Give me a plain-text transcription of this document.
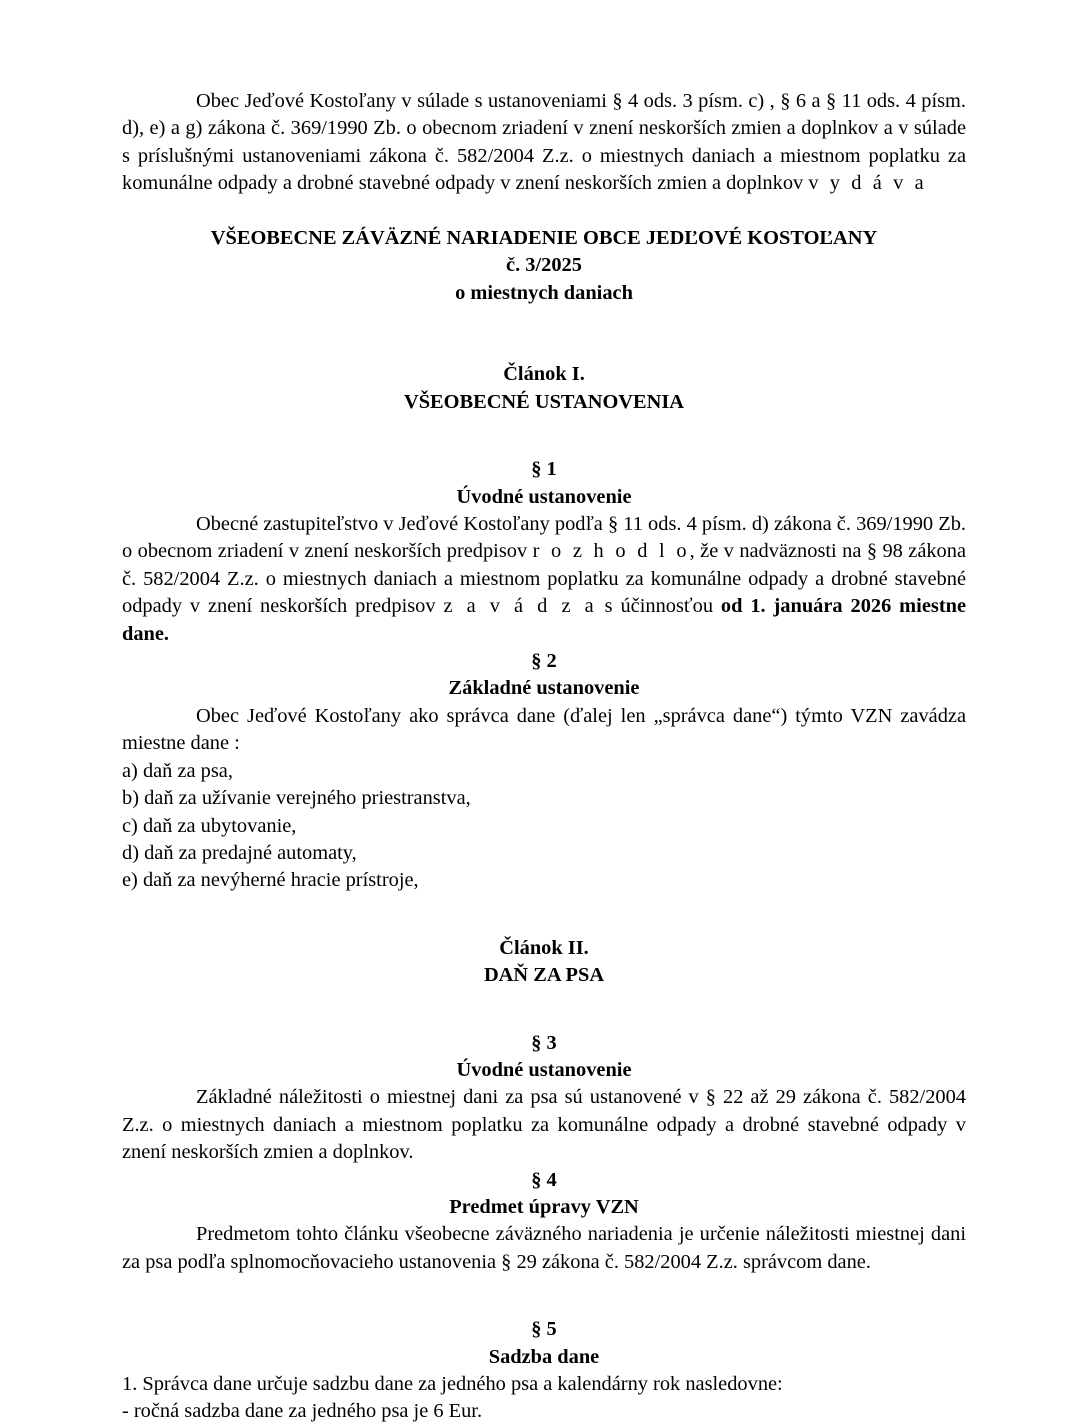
Obec Jeďové Kostoľany v súlade s ustanoveniami § 4 ods. 3 písm. c) , § 6 a § 11 ods. 4 písm. d), e) a g) zákona č. 369/1990 Zb. o obecnom zriadení v znení neskorších zmien a doplnkov a v súlade s príslušnými ustanoveniami zákona č. 582/2004 Z.z. o miestnych daniach a miestnom poplatku za komunálne odpady a drobné stavebné odpady v znení neskorších zmien a doplnkov v y d á v a

VŠEOBECNE ZÁVÄZNÉ NARIADENIE OBCE JEDĽOVÉ KOSTOĽANY
č. 3/2025
o miestnych daniach
Článok I.
VŠEOBECNÉ USTANOVENIA
§ 1
Úvodné ustanovenie

Obecné zastupiteľstvo v Jeďové Kostoľany podľa § 11 ods. 4 písm. d) zákona č. 369/1990 Zb. o obecnom zriadení v znení neskorších predpisov r o z h o d l o, že v nadväznosti na § 98 zákona č. 582/2004 Z.z. o miestnych daniach a miestnom poplatku za komunálne odpady a drobné stavebné odpady v znení neskorších predpisov z a v á d z a s účinnosťou od 1. januára 2026 miestne dane.

§ 2
Základné ustanovenie

Obec Jeďové Kostoľany ako správca dane (ďalej len „správca dane“) týmto VZN zavádza miestne dane :

a) daň za psa,

b) daň za užívanie verejného priestranstva,

c) daň za ubytovanie,

d) daň za predajné automaty,

e) daň za nevýherné hracie prístroje,

Článok II.
DAŇ ZA PSA
§ 3
Úvodné ustanovenie

Základné náležitosti o miestnej dani za psa sú ustanovené v § 22 až 29 zákona č. 582/2004 Z.z. o miestnych daniach a miestnom poplatku za komunálne odpady a drobné stavebné odpady v znení neskorších zmien a doplnkov.

§ 4
Predmet úpravy VZN

Predmetom tohto článku všeobecne záväzného nariadenia je určenie náležitosti miestnej dani za psa podľa splnomocňovacieho ustanovenia § 29 zákona č. 582/2004 Z.z. správcom dane.

§ 5
Sadzba dane

1. Správca dane určuje sadzbu dane za jedného psa a kalendárny rok nasledovne:

- ročná sadzba dane za jedného psa je 6 Eur.
